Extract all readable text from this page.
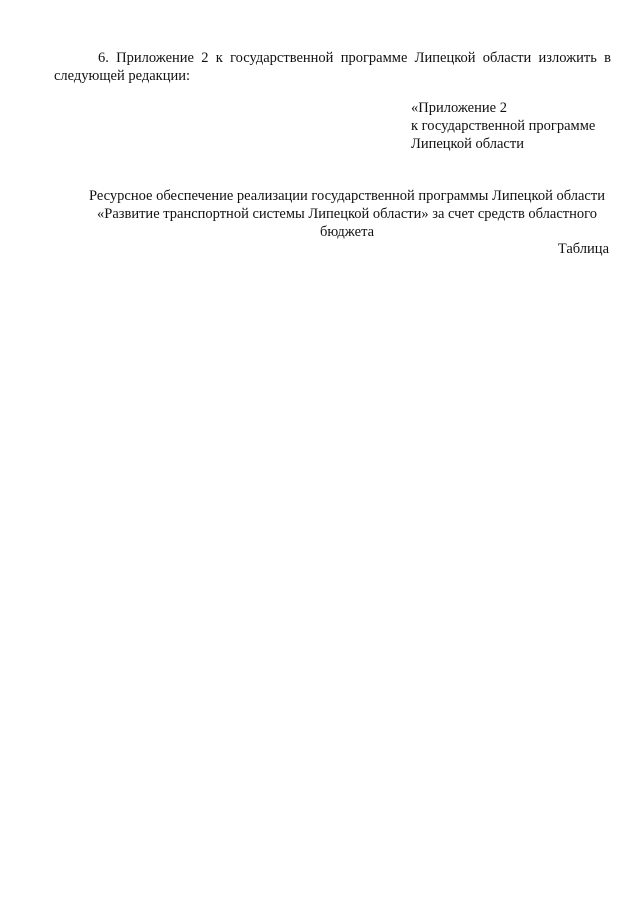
6. Приложение 2 к государственной программе Липецкой области изложить в следующей редакции:
«Приложение 2
к государственной программе
Липецкой области
Ресурсное обеспечение реализации государственной программы Липецкой области
«Развитие транспортной системы Липецкой области» за счет средств областного
бюджета
Таблица
